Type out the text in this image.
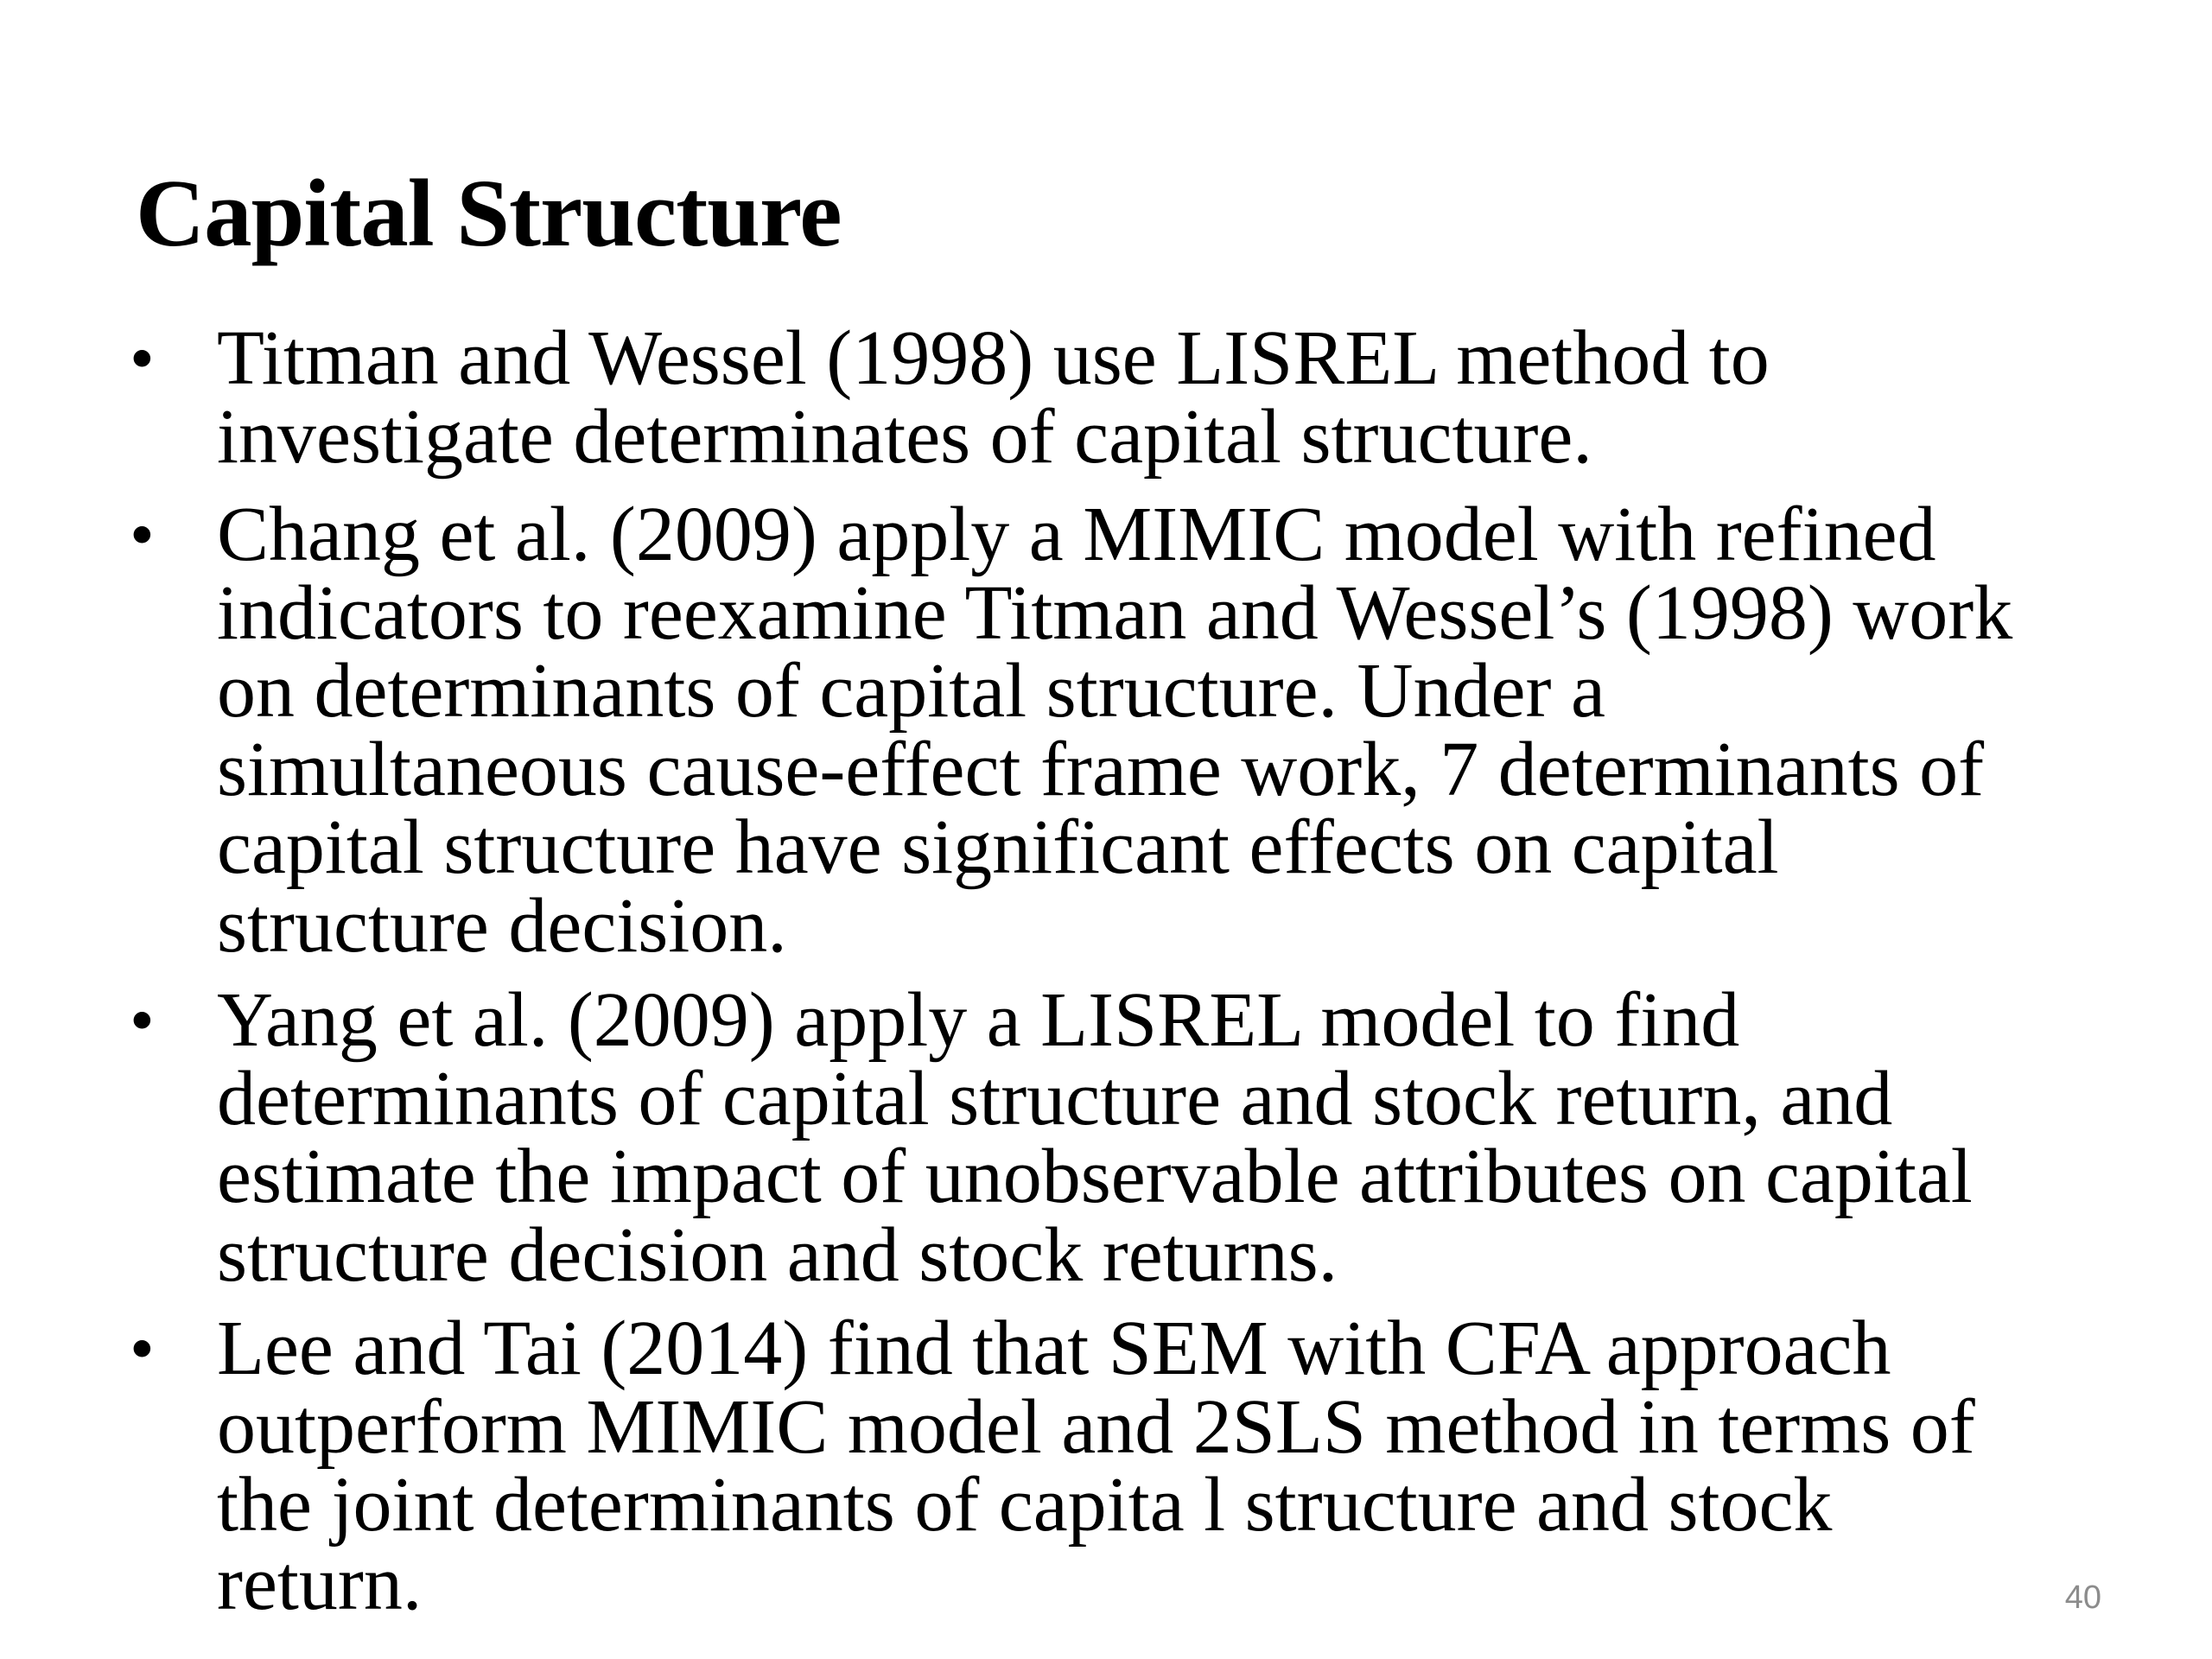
Capital Structure
• Titman and Wessel (1998) use LISREL method to
investigate determinates of capital structure.
• Chang et al. (2009) apply a MIMIC model with refined
indicators to reexamine Titman and Wessel’s (1998) work
on determinants of capital structure. Under a
simultaneous cause-effect frame work, 7 determinants of
capital structure have significant effects on capital
structure decision.
• Yang et al. (2009) apply a LISREL model to find
determinants of capital structure and stock return, and
estimate the impact of unobservable attributes on capital
structure decision and stock returns.
• Lee and Tai (2014) find that SEM with CFA approach
outperform MIMIC model and 2SLS method in terms of
the joint determinants of capita l structure and stock
return.	40
